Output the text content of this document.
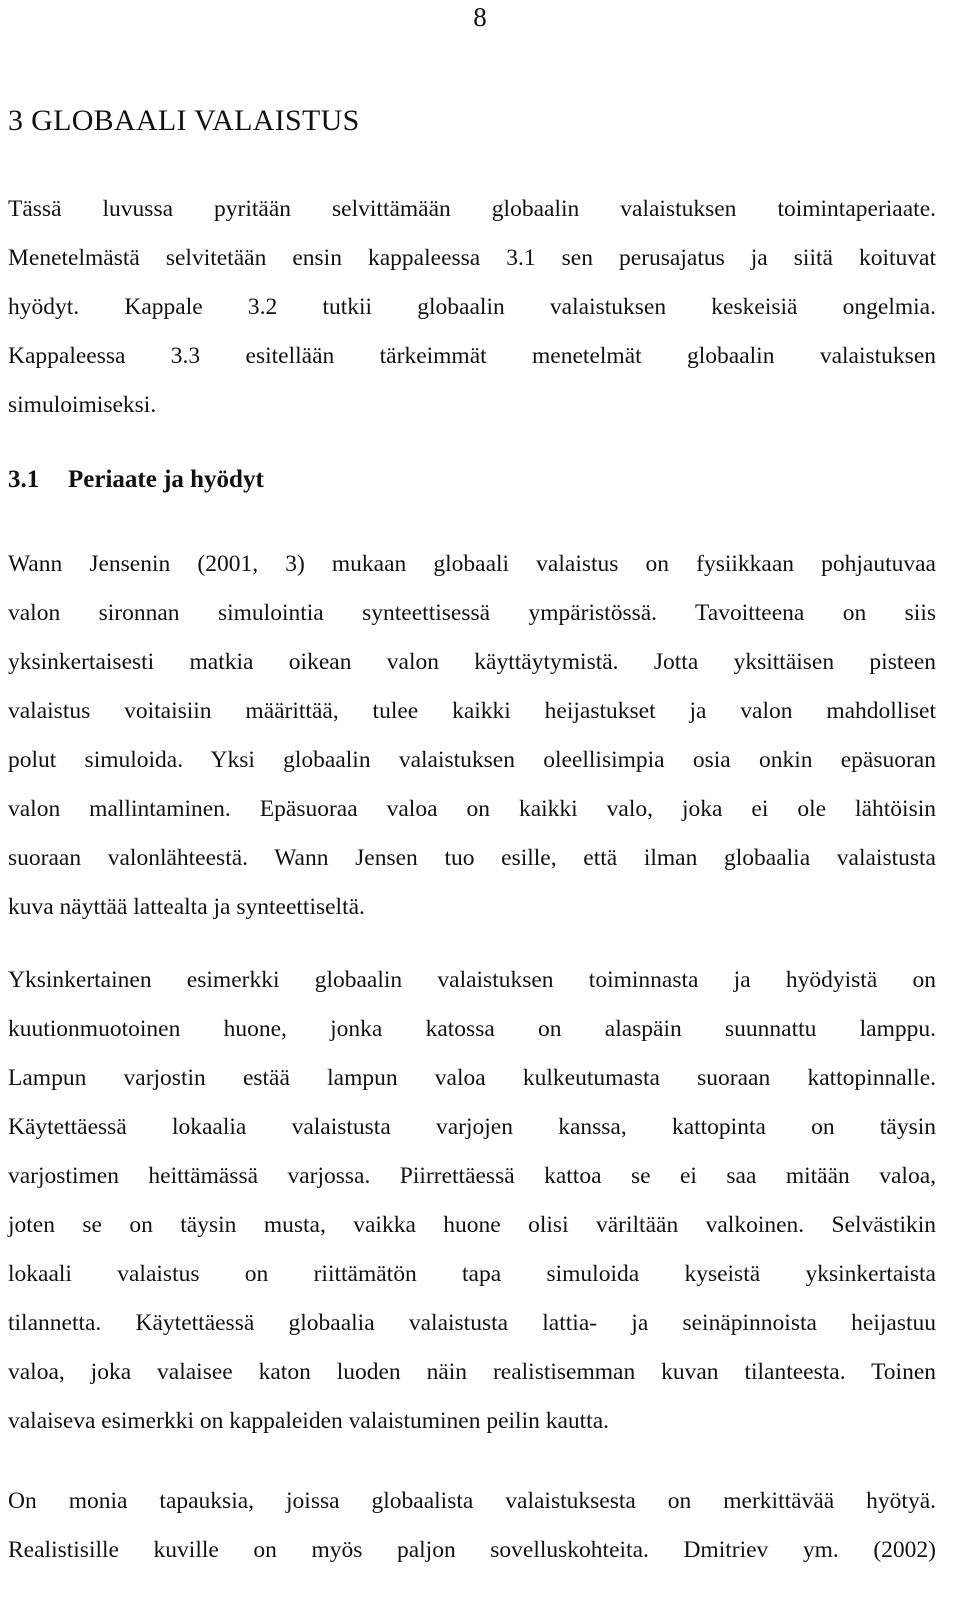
8
3 GLOBAALI VALAISTUS
Tässä luvussa pyritään selvittämään globaalin valaistuksen toimintaperiaate.
Menetelmästä selvitetään ensin kappaleessa 3.1 sen perusajatus ja siitä koituvat
hyödyt. Kappale 3.2 tutkii globaalin valaistuksen keskeisiä ongelmia.
Kappaleessa 3.3 esitellään tärkeimmät menetelmät globaalin valaistuksen
simuloimiseksi.
3.1 Periaate ja hyödyt
Wann Jensenin (2001, 3) mukaan globaali valaistus on fysiikkaan pohjautuvaa
valon sironnan simulointia synteettisessä ympäristössä. Tavoitteena on siis
yksinkertaisesti matkia oikean valon käyttäytymistä. Jotta yksittäisen pisteen
valaistus voitaisiin määrittää, tulee kaikki heijastukset ja valon mahdolliset
polut simuloida. Yksi globaalin valaistuksen oleellisimpia osia onkin epäsuoran
valon mallintaminen. Epäsuoraa valoa on kaikki valo, joka ei ole lähtöisin
suoraan valonlähteestä. Wann Jensen tuo esille, että ilman globaalia valaistusta
kuva näyttää lattealta ja synteettiseltä.
Yksinkertainen esimerkki globaalin valaistuksen toiminnasta ja hyödyistä on
kuutionmuotoinen huone, jonka katossa on alaspäin suunnattu lamppu.
Lampun varjostin estää lampun valoa kulkeutumasta suoraan kattopinnalle.
Käytettäessä lokaalia valaistusta varjojen kanssa, kattopinta on täysin
varjostimen heittämässä varjossa. Piirrettäessä kattoa se ei saa mitään valoa,
joten se on täysin musta, vaikka huone olisi väriltään valkoinen. Selvästikin
lokaali valaistus on riittämätön tapa simuloida kyseistä yksinkertaista
tilannetta. Käytettäessä globaalia valaistusta lattia- ja seinäpinnoista heijastuu
valoa, joka valaisee katon luoden näin realistisemman kuvan tilanteesta. Toinen
valaiseva esimerkki on kappaleiden valaistuminen peilin kautta.
On monia tapauksia, joissa globaalista valaistuksesta on merkittävää hyötyä.
Realistisille kuville on myös paljon sovelluskohteita. Dmitriev ym. (2002)
